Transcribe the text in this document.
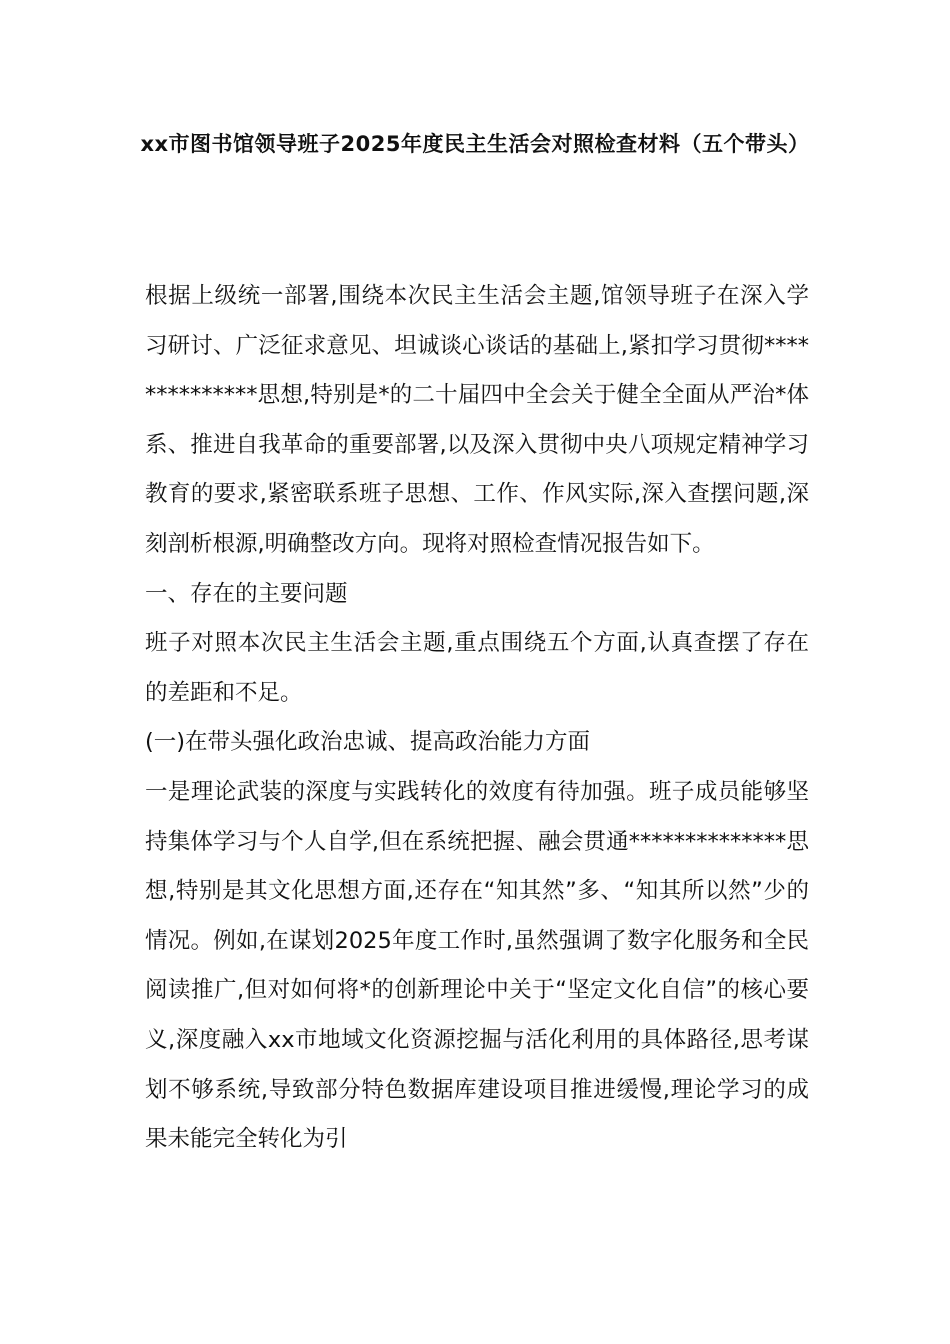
xx市图书馆领导班子2025年度民主生活会对照检查材料（五个带头）

根据上级统一部署,围绕本次民主生活会主题,馆领导班子在深入学习研讨、广泛征求意见、坦诚谈心谈话的基础上,紧扣学习贯彻**************思想,特别是*的二十届四中全会关于健全全面从严治*体系、推进自我革命的重要部署,以及深入贯彻中央八项规定精神学习教育的要求,紧密联系班子思想、工作、作风实际,深入查摆问题,深刻剖析根源,明确整改方向。现将对照检查情况报告如下。

一、存在的主要问题

班子对照本次民主生活会主题,重点围绕五个方面,认真查摆了存在的差距和不足。

(一)在带头强化政治忠诚、提高政治能力方面

一是理论武装的深度与实践转化的效度有待加强。班子成员能够坚持集体学习与个人自学,但在系统把握、融会贯通**************思想,特别是其文化思想方面,还存在“知其然”多、“知其所以然”少的情况。例如,在谋划2025年度工作时,虽然强调了数字化服务和全民阅读推广,但对如何将*的创新理论中关于“坚定文化自信”的核心要义,深度融入xx市地域文化资源挖掘与活化利用的具体路径,思考谋划不够系统,导致部分特色数据库建设项目推进缓慢,理论学习的成果未能完全转化为引
